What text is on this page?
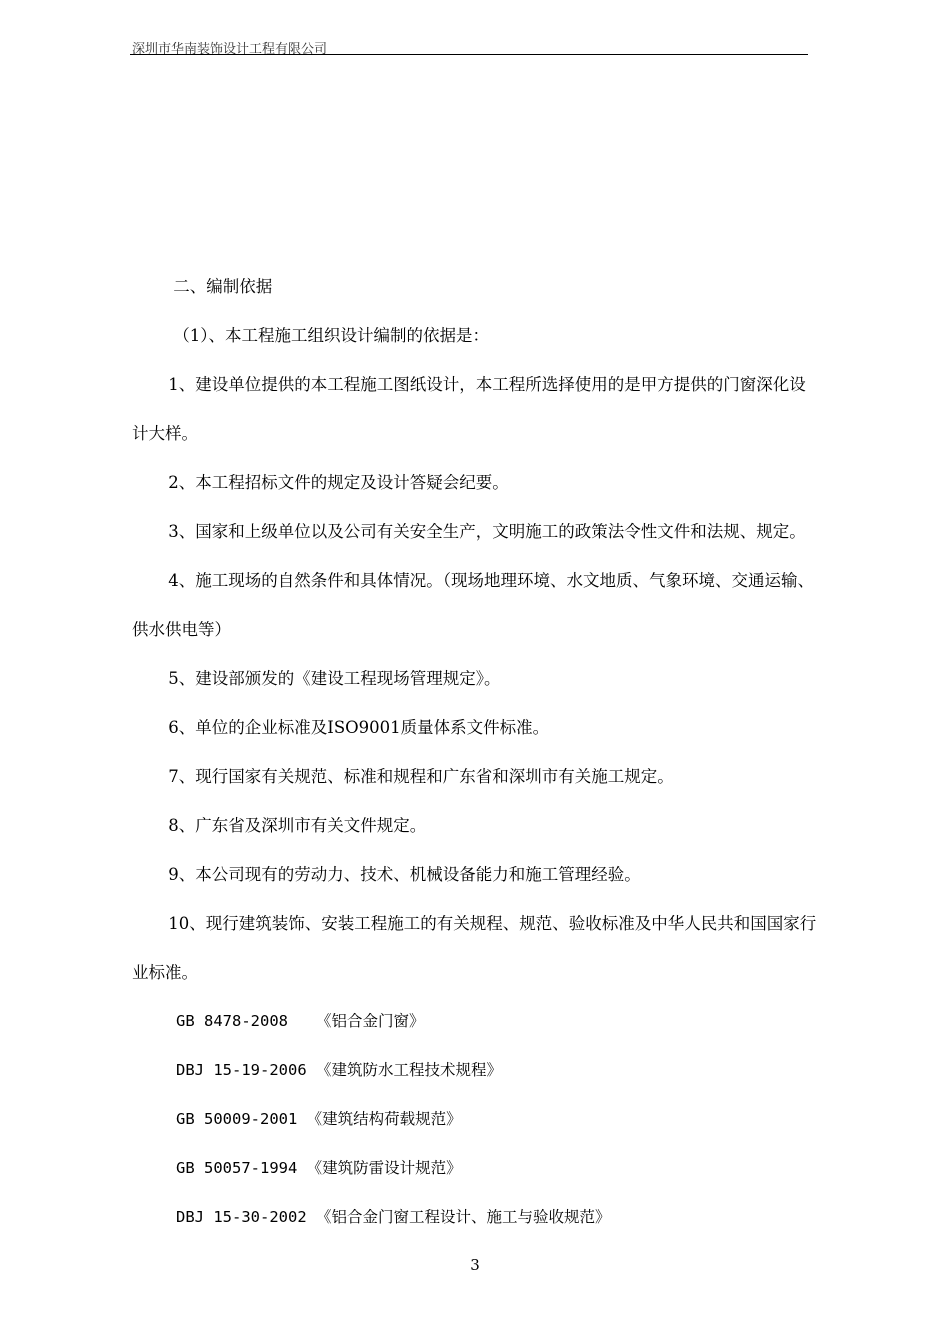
深圳市华南装饰设计工程有限公司

二、编制依据

（1）、本工程施工组织设计编制的依据是：

1、建设单位提供的本工程施工图纸设计，本工程所选择使用的是甲方提供的门窗深化设计大样。

2、本工程招标文件的规定及设计答疑会纪要。

3、国家和上级单位以及公司有关安全生产，文明施工的政策法令性文件和法规、规定。

4、施工现场的自然条件和具体情况。（现场地理环境、水文地质、气象环境、交通运输、供水供电等）

5、建设部颁发的《建设工程现场管理规定》。

6、单位的企业标准及ISO9001质量体系文件标准。

7、现行国家有关规范、标准和规程和广东省和深圳市有关施工规定。

8、广东省及深圳市有关文件规定。

9、本公司现有的劳动力、技术、机械设备能力和施工管理经验。

10、现行建筑装饰、安装工程施工的有关规程、规范、验收标准及中华人民共和国国家行业标准。

GB 8478-2008   《铝合金门窗》

DBJ 15-19-2006 《建筑防水工程技术规程》

GB 50009-2001 《建筑结构荷载规范》

GB 50057-1994 《建筑防雷设计规范》

DBJ 15-30-2002 《铝合金门窗工程设计、施工与验收规范》

3
